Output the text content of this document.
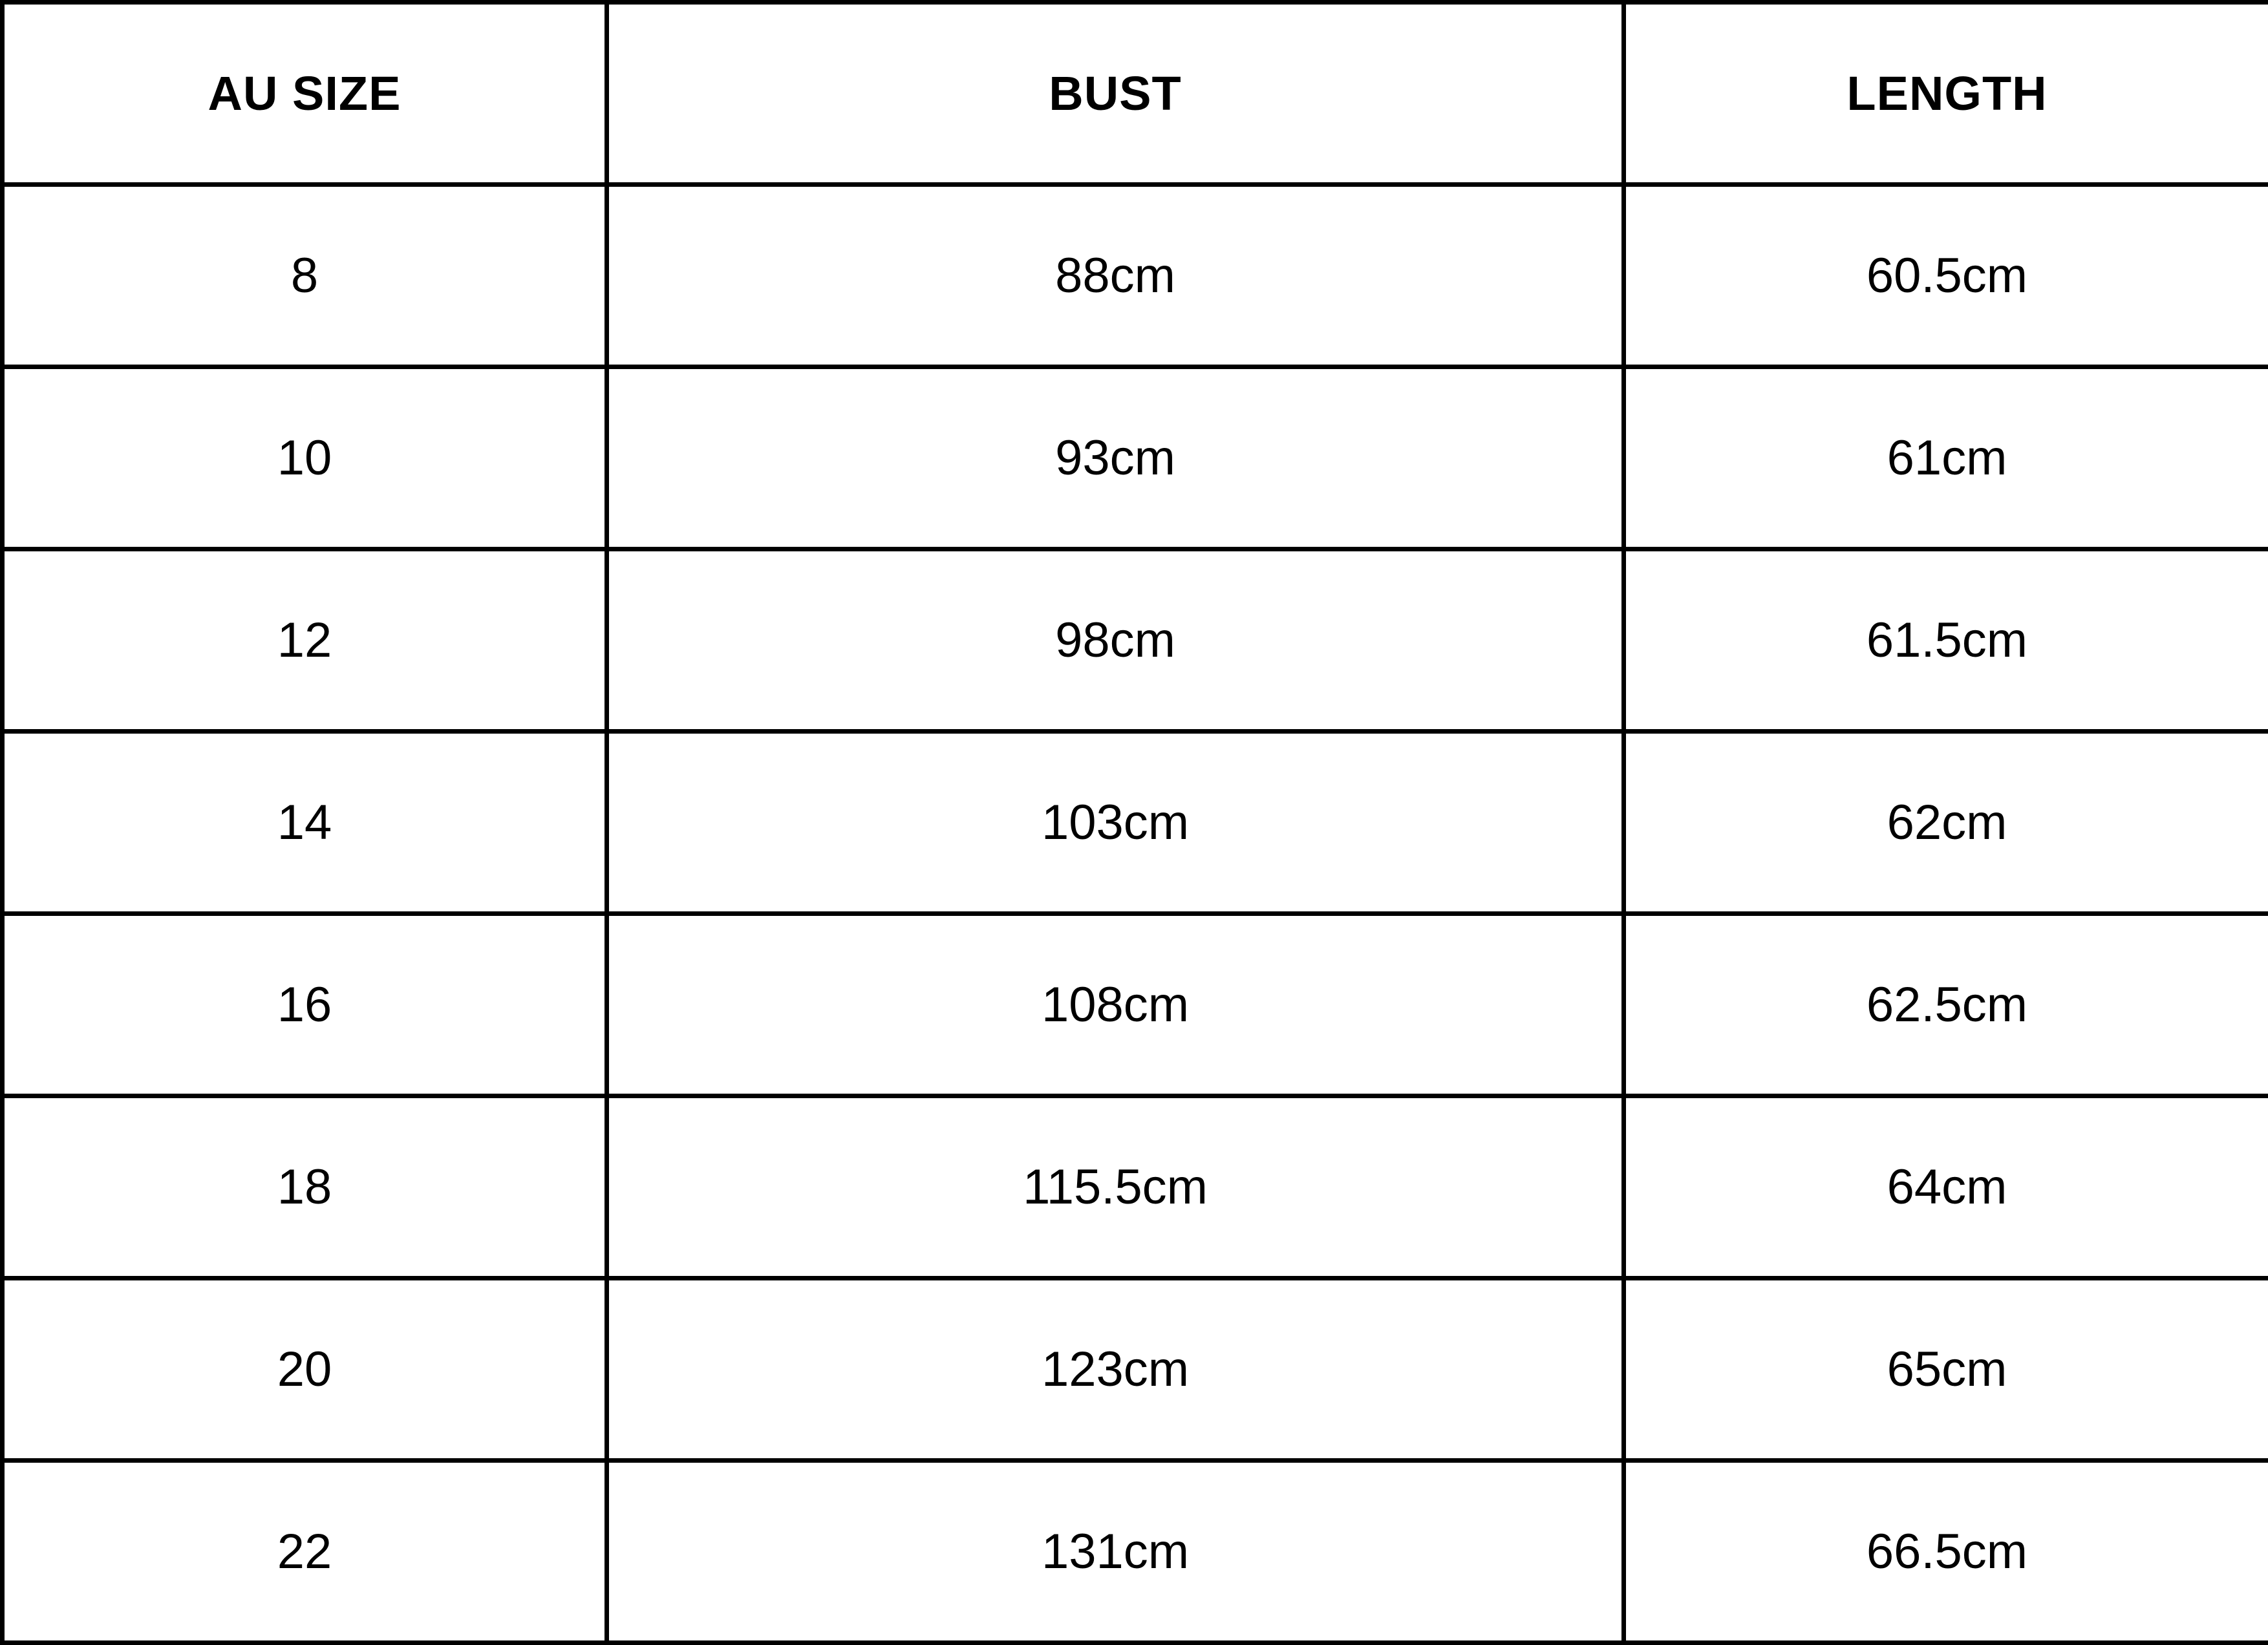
AU SIZE	BUST	LENGTH
8	88cm	60.5cm
10	93cm	61cm
12	98cm	61.5cm
14	103cm	62cm
16	108cm	62.5cm
18	115.5cm	64cm
20	123cm	65cm
22	131cm	66.5cm
